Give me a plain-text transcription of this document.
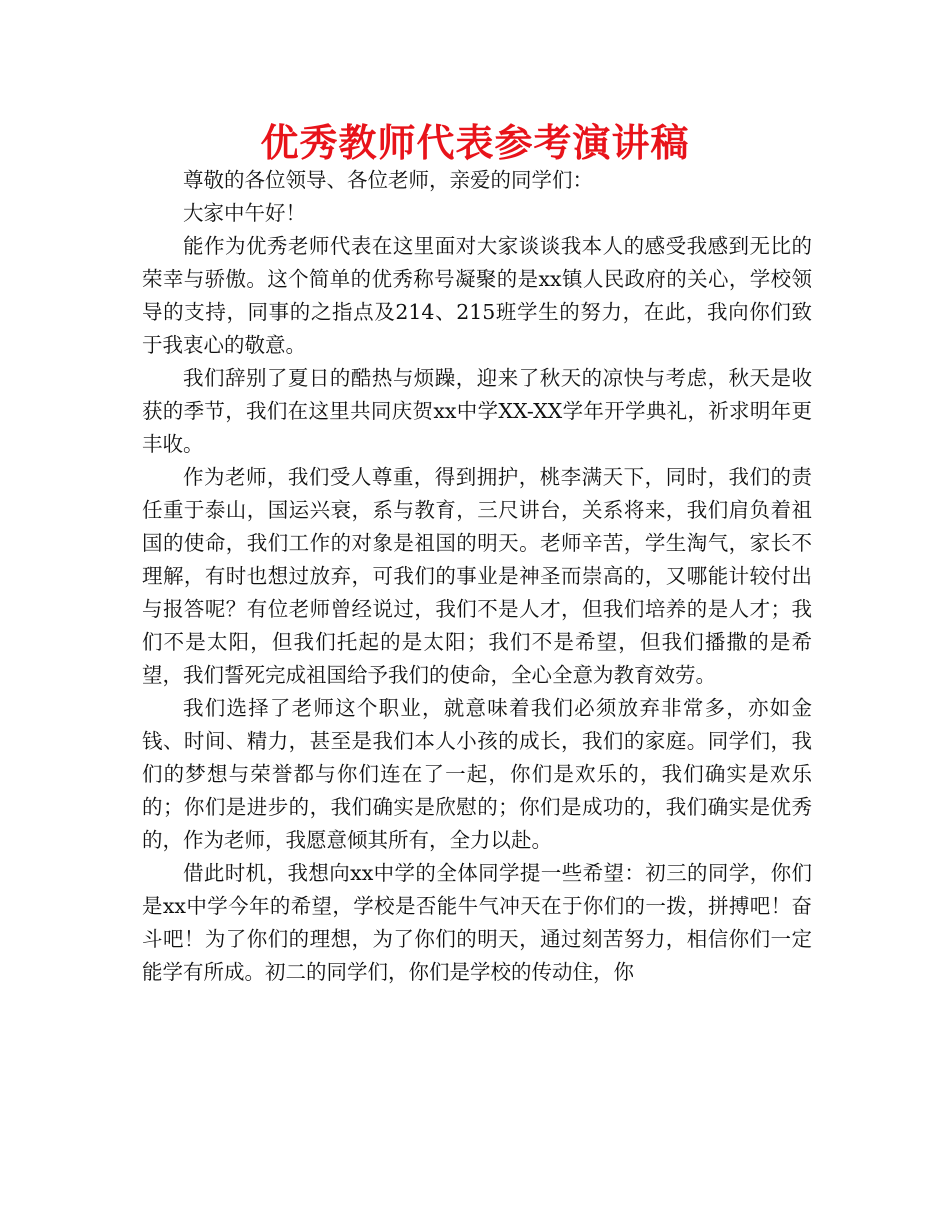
优秀教师代表参考演讲稿

尊敬的各位领导、各位老师，亲爱的同学们：

大家中午好！

能作为优秀老师代表在这里面对大家谈谈我本人的感受我感到无比的荣幸与骄傲。这个简单的优秀称号凝聚的是xx镇人民政府的关心，学校领导的支持，同事的之指点及214、215班学生的努力，在此，我向你们致于我衷心的敬意。

我们辞别了夏日的酷热与烦躁，迎来了秋天的凉快与考虑，秋天是收获的季节，我们在这里共同庆贺xx中学XX-XX学年开学典礼，祈求明年更丰收。

作为老师，我们受人尊重，得到拥护，桃李满天下，同时，我们的责任重于泰山，国运兴衰，系与教育，三尺讲台，关系将来，我们肩负着祖国的使命，我们工作的对象是祖国的明天。老师辛苦，学生淘气，家长不理解，有时也想过放弃，可我们的事业是神圣而崇高的，又哪能计较付出与报答呢？有位老师曾经说过，我们不是人才，但我们培养的是人才；我们不是太阳，但我们托起的是太阳；我们不是希望，但我们播撒的是希望，我们誓死完成祖国给予我们的使命，全心全意为教育效劳。

我们选择了老师这个职业，就意味着我们必须放弃非常多，亦如金钱、时间、精力，甚至是我们本人小孩的成长，我们的家庭。同学们，我们的梦想与荣誉都与你们连在了一起，你们是欢乐的，我们确实是欢乐的；你们是进步的，我们确实是欣慰的；你们是成功的，我们确实是优秀的，作为老师，我愿意倾其所有，全力以赴。

借此时机，我想向xx中学的全体同学提一些希望：初三的同学，你们是xx中学今年的希望，学校是否能牛气冲天在于你们的一拨，拼搏吧！奋斗吧！为了你们的理想，为了你们的明天，通过刻苦努力，相信你们一定能学有所成。初二的同学们，你们是学校的传动住，你
